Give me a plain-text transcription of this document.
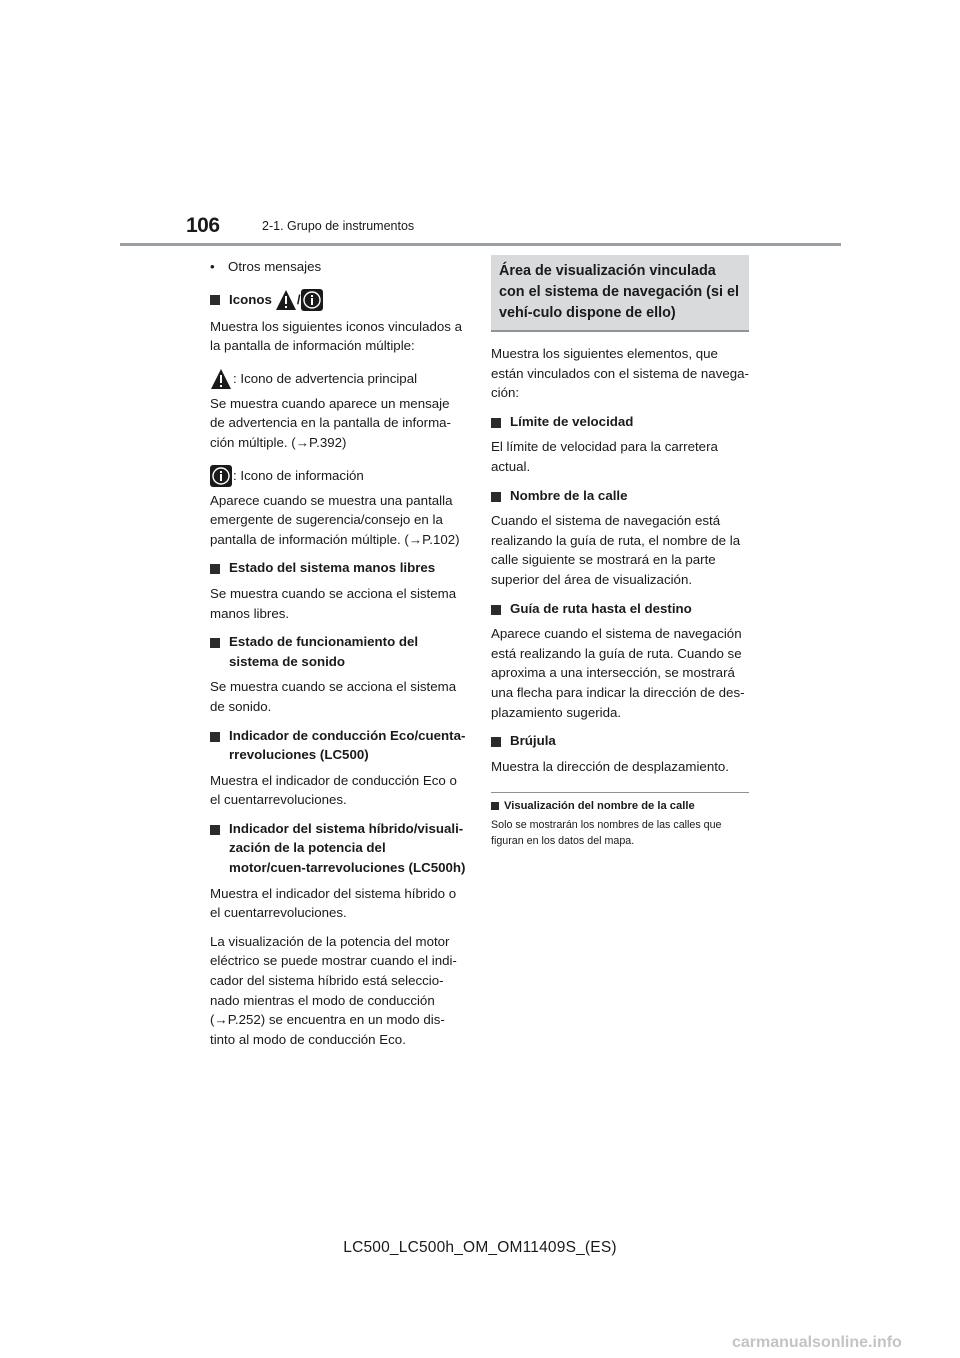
106	2-1. Grupo de instrumentos

• Otros mensajes

Iconos /

Muestra los siguientes iconos vinculados a la pantalla de información múltiple:

: Icono de advertencia principal

Se muestra cuando aparece un mensaje de advertencia en la pantalla de informa-ción múltiple. (→P.392)

: Icono de información

Aparece cuando se muestra una pantalla emergente de sugerencia/consejo en la pantalla de información múltiple. (→P.102)

Estado del sistema manos libres

Se muestra cuando se acciona el sistema manos libres.

Estado de funcionamiento del sistema de sonido

Se muestra cuando se acciona el sistema de sonido.

Indicador de conducción Eco/cuenta-rrevoluciones (LC500)

Muestra el indicador de conducción Eco o el cuentarrevoluciones.

Indicador del sistema híbrido/visuali-zación de la potencia del motor/cuen-tarrevoluciones (LC500h)

Muestra el indicador del sistema híbrido o el cuentarrevoluciones.

La visualización de la potencia del motor eléctrico se puede mostrar cuando el indi-cador del sistema híbrido está seleccio-nado mientras el modo de conducción (→P.252) se encuentra en un modo dis-tinto al modo de conducción Eco.

Área de visualización vinculada con el sistema de navegación (si el vehí-culo dispone de ello)

Muestra los siguientes elementos, que están vinculados con el sistema de navega-ción:

Límite de velocidad

El límite de velocidad para la carretera actual.

Nombre de la calle

Cuando el sistema de navegación está realizando la guía de ruta, el nombre de la calle siguiente se mostrará en la parte superior del área de visualización.

Guía de ruta hasta el destino

Aparece cuando el sistema de navegación está realizando la guía de ruta. Cuando se aproxima a una intersección, se mostrará una flecha para indicar la dirección de des-plazamiento sugerida.

Brújula

Muestra la dirección de desplazamiento.

Visualización del nombre de la calle

Solo se mostrarán los nombres de las calles que figuran en los datos del mapa.

LC500_LC500h_OM_OM11409S_(ES)
carmanualsonline.info
